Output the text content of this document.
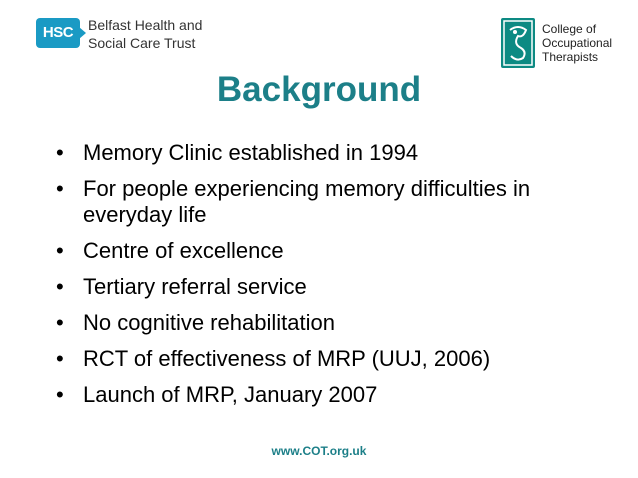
HSC	Belfast Health and
Social Care Trust
College of
Occupational
Therapists
Background
• Memory Clinic established in 1994
• For people experiencing memory difficulties in everyday life
• Centre of excellence
• Tertiary referral service
• No cognitive rehabilitation
• RCT of effectiveness of MRP (UUJ, 2006)
• Launch of MRP, January 2007
www.COT.org.uk
